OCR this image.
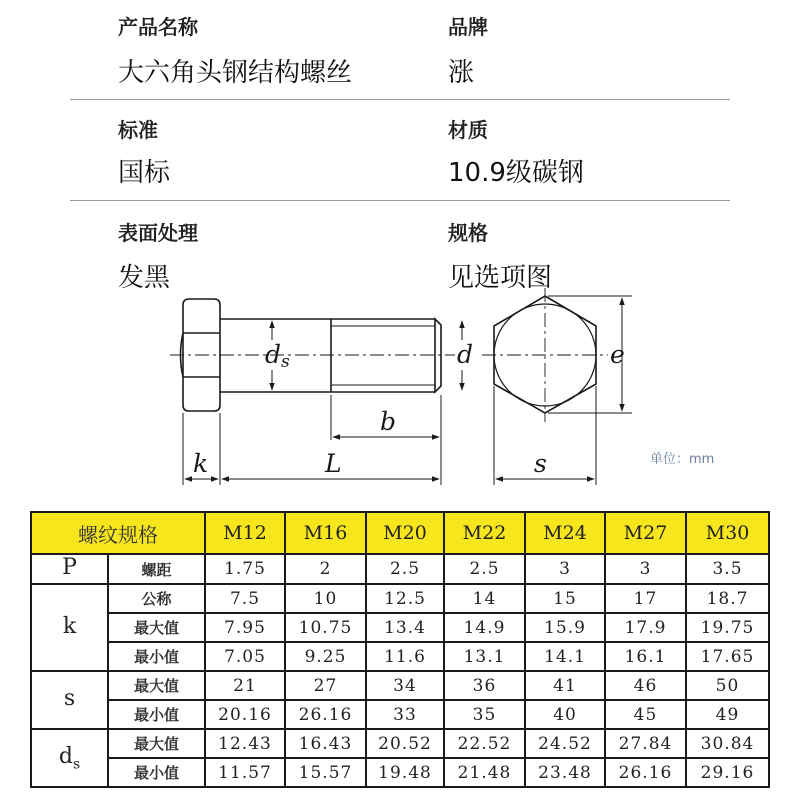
产品名称
大六角头钢结构螺丝
品牌
涨
标准
国标
材质
10.9级碳钢
表面处理
发黑
规格
见选项图
ds	d	e
b
k	L	s	单位：mm
螺纹规格		M12	M16	M20	M22	M24	M27	M30
P	螺距	1.75	2	2.5	2.5	3	3	3.5
k	公称	7.5	10	12.5	14	15	17	18.7
	最大值	7.95	10.75	13.4	14.9	15.9	17.9	19.75
	最小值	7.05	9.25	11.6	13.1	14.1	16.1	17.65
s	最大值	21	27	34	36	41	46	50
	最小值	20.16	26.16	33	35	40	45	49
$d_s$	最大值	12.43	16.43	20.52	22.52	24.52	27.84	30.84
	最小值	11.57	15.57	19.48	21.48	23.48	26.16	29.16
